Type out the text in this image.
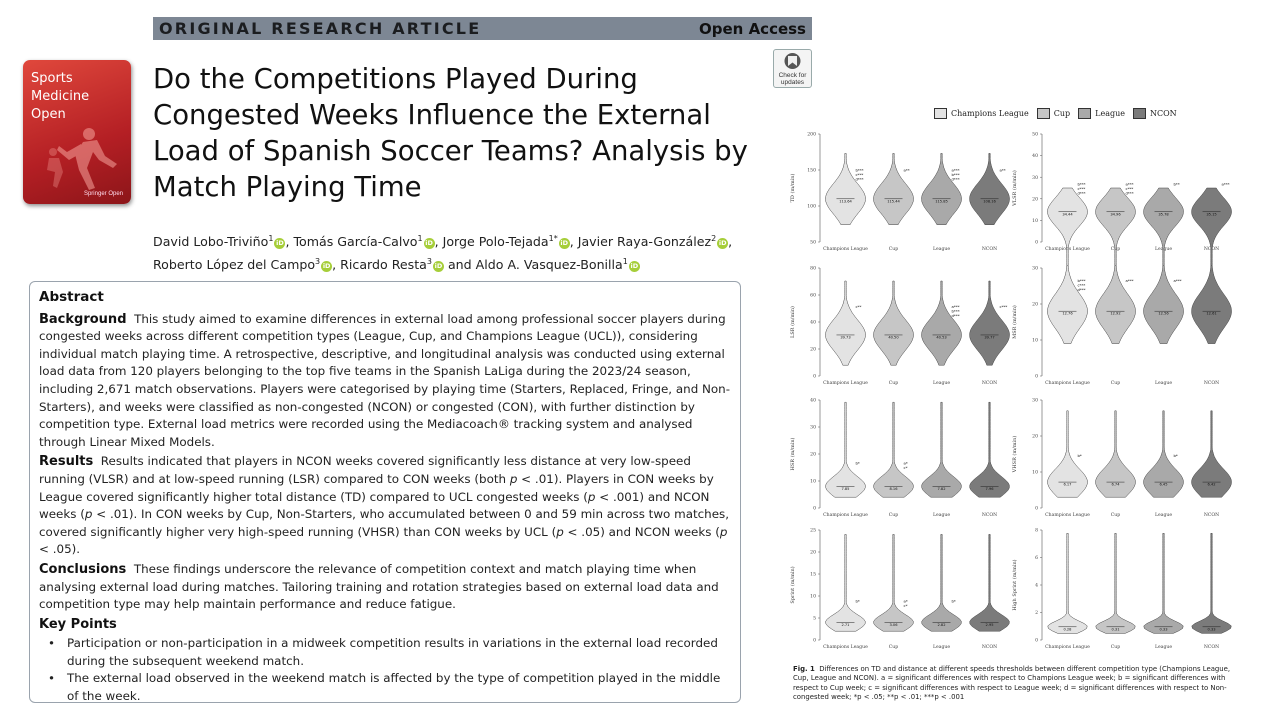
ORIGINAL RESEARCH ARTICLE	Open Access
Sports
Medicine
Open
Springer Open
Check for
updates
Do the Competitions Played During Congested Weeks Influence the External Load of Spanish Soccer Teams? Analysis by Match Playing Time
David Lobo-Triviño$^1$iD , Tomás García-Calvo$^1$iD , Jorge Polo-Tejada$^{1*}$iD , Javier Raya-González$^2$iD ,
Roberto López del Campo$^3$iD , Ricardo Resta$^3$iD and Aldo A. Vasquez-Bonilla$^1$iD
Abstract

Background This study aimed to examine differences in external load among professional soccer players during congested weeks across different competition types (League, Cup, and Champions League (UCL)), considering individual match playing time. A retrospective, descriptive, and longitudinal analysis was conducted using external load data from 120 players belonging to the top five teams in the Spanish LaLiga during the 2023/24 season, including 2,671 match observations. Players were categorised by playing time (Starters, Replaced, Fringe, and Non-Starters), and weeks were classified as non-congested (NCON) or congested (CON), with further distinction by competition type. External load metrics were recorded using the Mediacoach® tracking system and analysed through Linear Mixed Models.

Results Results indicated that players in NCON weeks covered significantly less distance at very low-speed running (VLSR) and at low-speed running (LSR) compared to CON weeks (both p < .01). Players in CON weeks by League covered significantly higher total distance (TD) compared to UCL congested weeks (p < .001) and NCON weeks (p < .01). In CON weeks by Cup, Non-Starters, who accumulated between 0 and 59 min across two matches, covered significantly higher very high-speed running (VHSR) than CON weeks by UCL (p < .05) and NCON weeks (p < .05).

Conclusions These findings underscore the relevance of competition context and match playing time when analysing external load during matches. Tailoring training and rotation strategies based on external load data and competition type may help maintain performance and reduce fatigue.

Key Points
• Participation or non-participation in a midweek competition results in variations in the external load recorded during the subsequent weekend match.
• The external load observed in the weekend match is affected by the type of competition played in the middle of the week.
Champions League	Cup	League	NCON
TD (m/min)
50
100
150
200
113.64
b***
c***
d***
Champions League
115.44
a**
Cup
115.85
a***
b***
d***
League
108.16
a**
NCON
VLSR (m/min)
0
10
20
30
40
50
34.44
b***
c***
d***
Champions League
34.96
a***
c***
d***
Cup
35.78
b**
League
35.15
a***
NCON
LSR (m/min)
0
20
40
60
80
39.73
c**
Champions League
40.50
Cup
40.53
a***
b***
d***
League
39.77
c***
NCON
MSR (m/min)
0
10
20
30
12.76
b***
c***
d***
Champions League
12.92
a***
Cup
12.56
a***
League
12.61
NCON
HSR (m/min)
0
10
20
30
40
7.85
b*
Champions League
8.16
a*
c*
Cup
7.82
League
7.96
NCON
VHSR (m/min)
0
10
20
30
6.17
b*
Champions League
6.74
Cup
6.45
b*
League
6.42
NCON
Sprint (m/min)
0
5
10
15
20
25
2.71
b*
Champions League
3.06
a*
c*
Cup
2.82
b*
League
2.95
NCON
High Sprint (m/min)
0
2
4
6
8
0.28
Champions League
0.31
Cup
0.33
League
0.33
NCON
Fig. 1 Differences on TD and distance at different speeds thresholds between different competition type (Champions League, Cup, League and NCON). a = significant differences with respect to Champions League week; b = significant differences with respect to Cup week; c = significant differences with respect to League week; d = significant differences with respect to Non-congested week; *p < .05; **p < .01; ***p < .001
